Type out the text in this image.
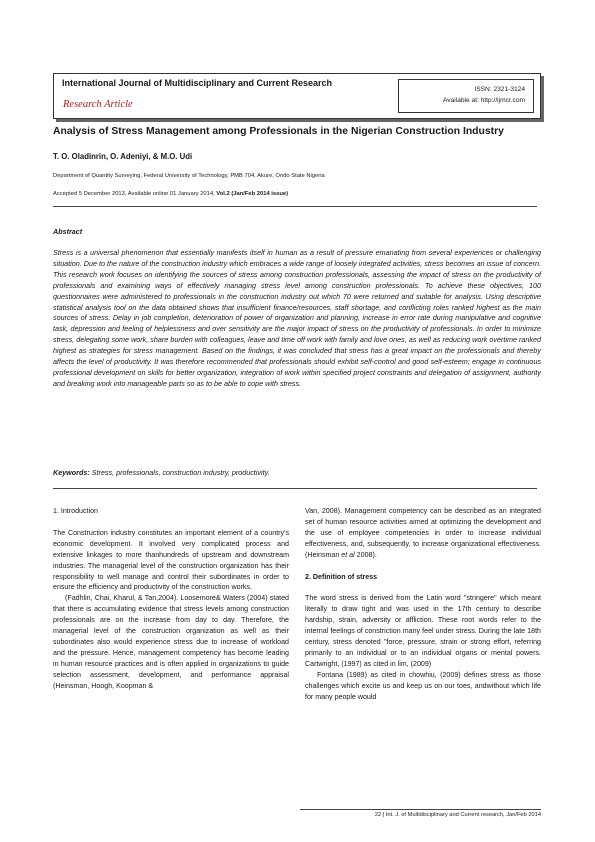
International Journal of Multidisciplinary and Current Research
Research Article
ISSN: 2321-3124
Available at: http://ijmcr.com
Analysis of Stress Management among Professionals in the Nigerian Construction Industry
T. O. Oladinrin, O. Adeniyi, & M.O. Udi
Department of Quantity Surveying, Federal University of Technology, PMB 704, Akure, Ondo State Nigeria
Accepted 5 December 2013, Available online 01 January 2014, Vol.2 (Jan/Feb 2014 issue)
Abstract
Stress is a universal phenomenon that essentially manifests itself in human as a result of pressure emanating from several experiences or challenging situation. Due to the nature of the construction industry which embraces a wide range of loosely integrated activities, stress becomes an issue of concern. This research work focuses on identifying the sources of stress among construction professionals, assessing the impact of stress on the productivity of professionals and examining ways of effectively managing stress level among construction professionals. To achieve these objectives, 100 questionnaires were administered to professionals in the construction industry out which 70 were returned and suitable for analysis. Using descriptive statistical analysis tool on the data obtained shows that insufficient finance/resources, staff shortage, and conflicting roles ranked highest as the main sources of stress. Delay in job completion, deterioration of power of organization and planning, increase in error rate during manipulative and cognitive task, depression and feeling of helplessness and over sensitivity are the major impact of stress on the productivity of professionals. In order to minimize stress, delegating some work, share burden with colleagues, leave and time off work with family and love ones, as well as reducing work overtime ranked highest as strategies for stress management. Based on the findings, it was concluded that stress has a great impact on the professionals and thereby affects the level of productivity. It was therefore recommended that professionals should exhibit self-control and good self-esteem; engage in continuous professional development on skills for better organization, integration of work within specified project constraints and delegation of assignment, authority and breaking work into manageable parts so as to be able to cope with stress.
Keywords: Stress, professionals, construction industry, productivity.

1. Introduction

The Construction industry constitutes an important element of a country's economic development. It involved very complicated process and extensive linkages to more thanhundreds of upstream and downstream industries. The managerial level of the construction organization has their responsibility to well manage and control their subordinates in order to ensure the efficiency and productivity of the construction works.

(Fadhlin, Chai, Kharul, & Tan,2004). Loosemore& Waters (2004) stated that there is accumulating evidence that stress levels among construction professionals are on the increase from day to day. Therefore, the managerial level of the construction organization as well as their subordinates also would experience stress due to increase of workload and the pressure. Hence, management competency has become leading in human resource practices and is often applied in organizations to guide selection assessment, development, and performance appraisal (Heinsman, Hoogh, Koopman &

Van, 2008). Management competency can be described as an integrated set of human resource activities aimed at optimizing the development and the use of employee competencies in order to increase individual effectiveness, and, subsequently, to increase organizational effectiveness.(Heinsman et al 2008).

2. Definition of stress

The word stress is derived from the Latin word "stringere" which meant literally to draw tight and was used in the 17th century to describe hardship, strain, adversity or affliction. These root words refer to the internal feelings of constriction many feel under stress. During the late 18th century, stress denoted "force, pressure, strain or strong effort, referring primarily to an individual or to an individual organs or mental powers. Cartwright, (1997) as cited in lim, (2009)

Fontana (1989) as cited in chowhiu, (2009) defines stress as those challenges which excite us and keep us on our toes, andwithout which life for many people would

22 | Int. J. of Multidisciplinary and Current research, Jan/Feb 2014
